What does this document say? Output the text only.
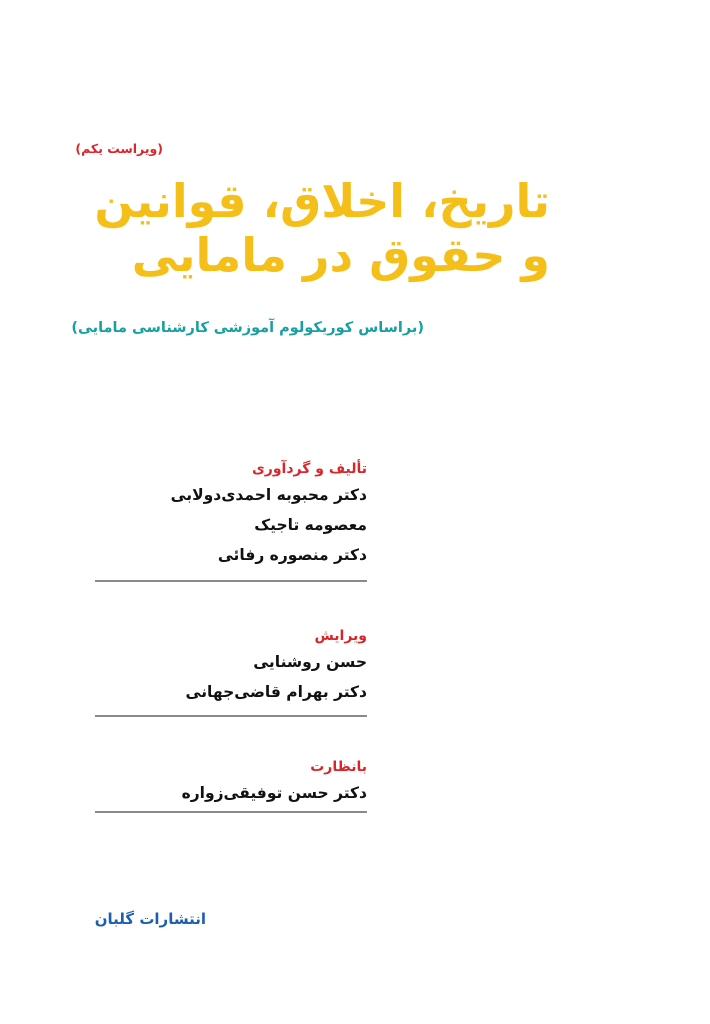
(ویراست یکم)
تاریخ، اخلاق، قوانین
و حقوق در مامایی
(براساس کوریکولوم آموزشی کارشناسی مامایی)
تألیف و گردآوری
دکتر محبوبه احمدی‌دولابی
معصومه تاجیک
دکتر منصوره رفائی
ویرایش
حسن روشنایی
دکتر بهرام قاضی‌جهانی
بانظارت
دکتر حسن توفیقی‌زواره
انتشارات گلبان
